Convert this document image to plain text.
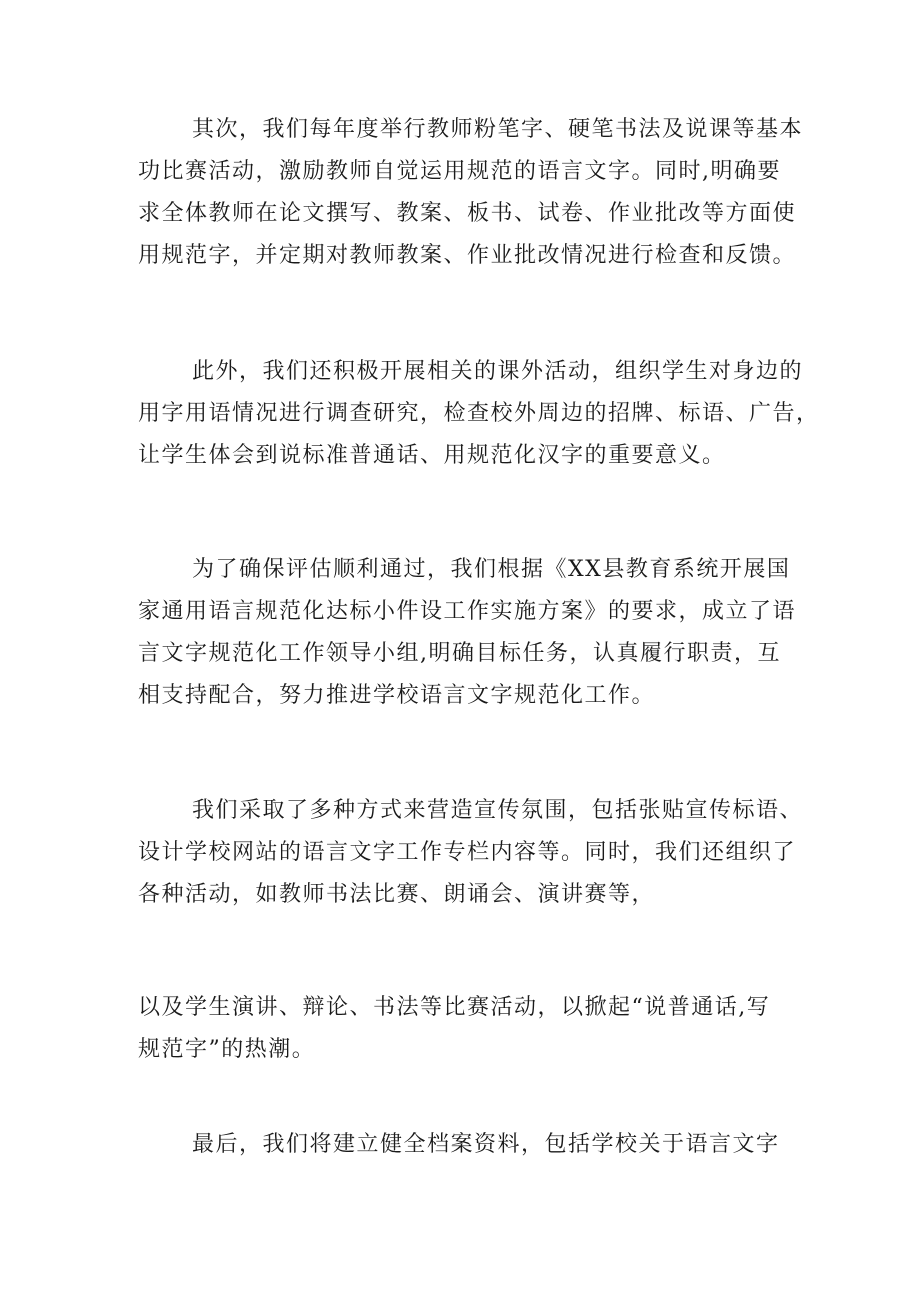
其次，我们每年度举行教师粉笔字、硬笔书法及说课等基本
功比赛活动，激励教师自觉运用规范的语言文字。同时,明确要
求全体教师在论文撰写、教案、板书、试卷、作业批改等方面使
用规范字，并定期对教师教案、作业批改情况进行检查和反馈。

此外，我们还积极开展相关的课外活动，组织学生对身边的
用字用语情况进行调查研究，检查校外周边的招牌、标语、广告，
让学生体会到说标准普通话、用规范化汉字的重要意义。

为了确保评估顺利通过，我们根据《XX县教育系统开展国
家通用语言规范化达标小件设工作实施方案》的要求，成立了语
言文字规范化工作领导小组,明确目标任务，认真履行职责，互
相支持配合，努力推进学校语言文字规范化工作。

我们采取了多种方式来营造宣传氛围，包括张贴宣传标语、
设计学校网站的语言文字工作专栏内容等。同时，我们还组织了
各种活动，如教师书法比赛、朗诵会、演讲赛等，

以及学生演讲、辩论、书法等比赛活动，以掀起“说普通话,写
规范字”的热潮。

最后，我们将建立健全档案资料，包括学校关于语言文字
